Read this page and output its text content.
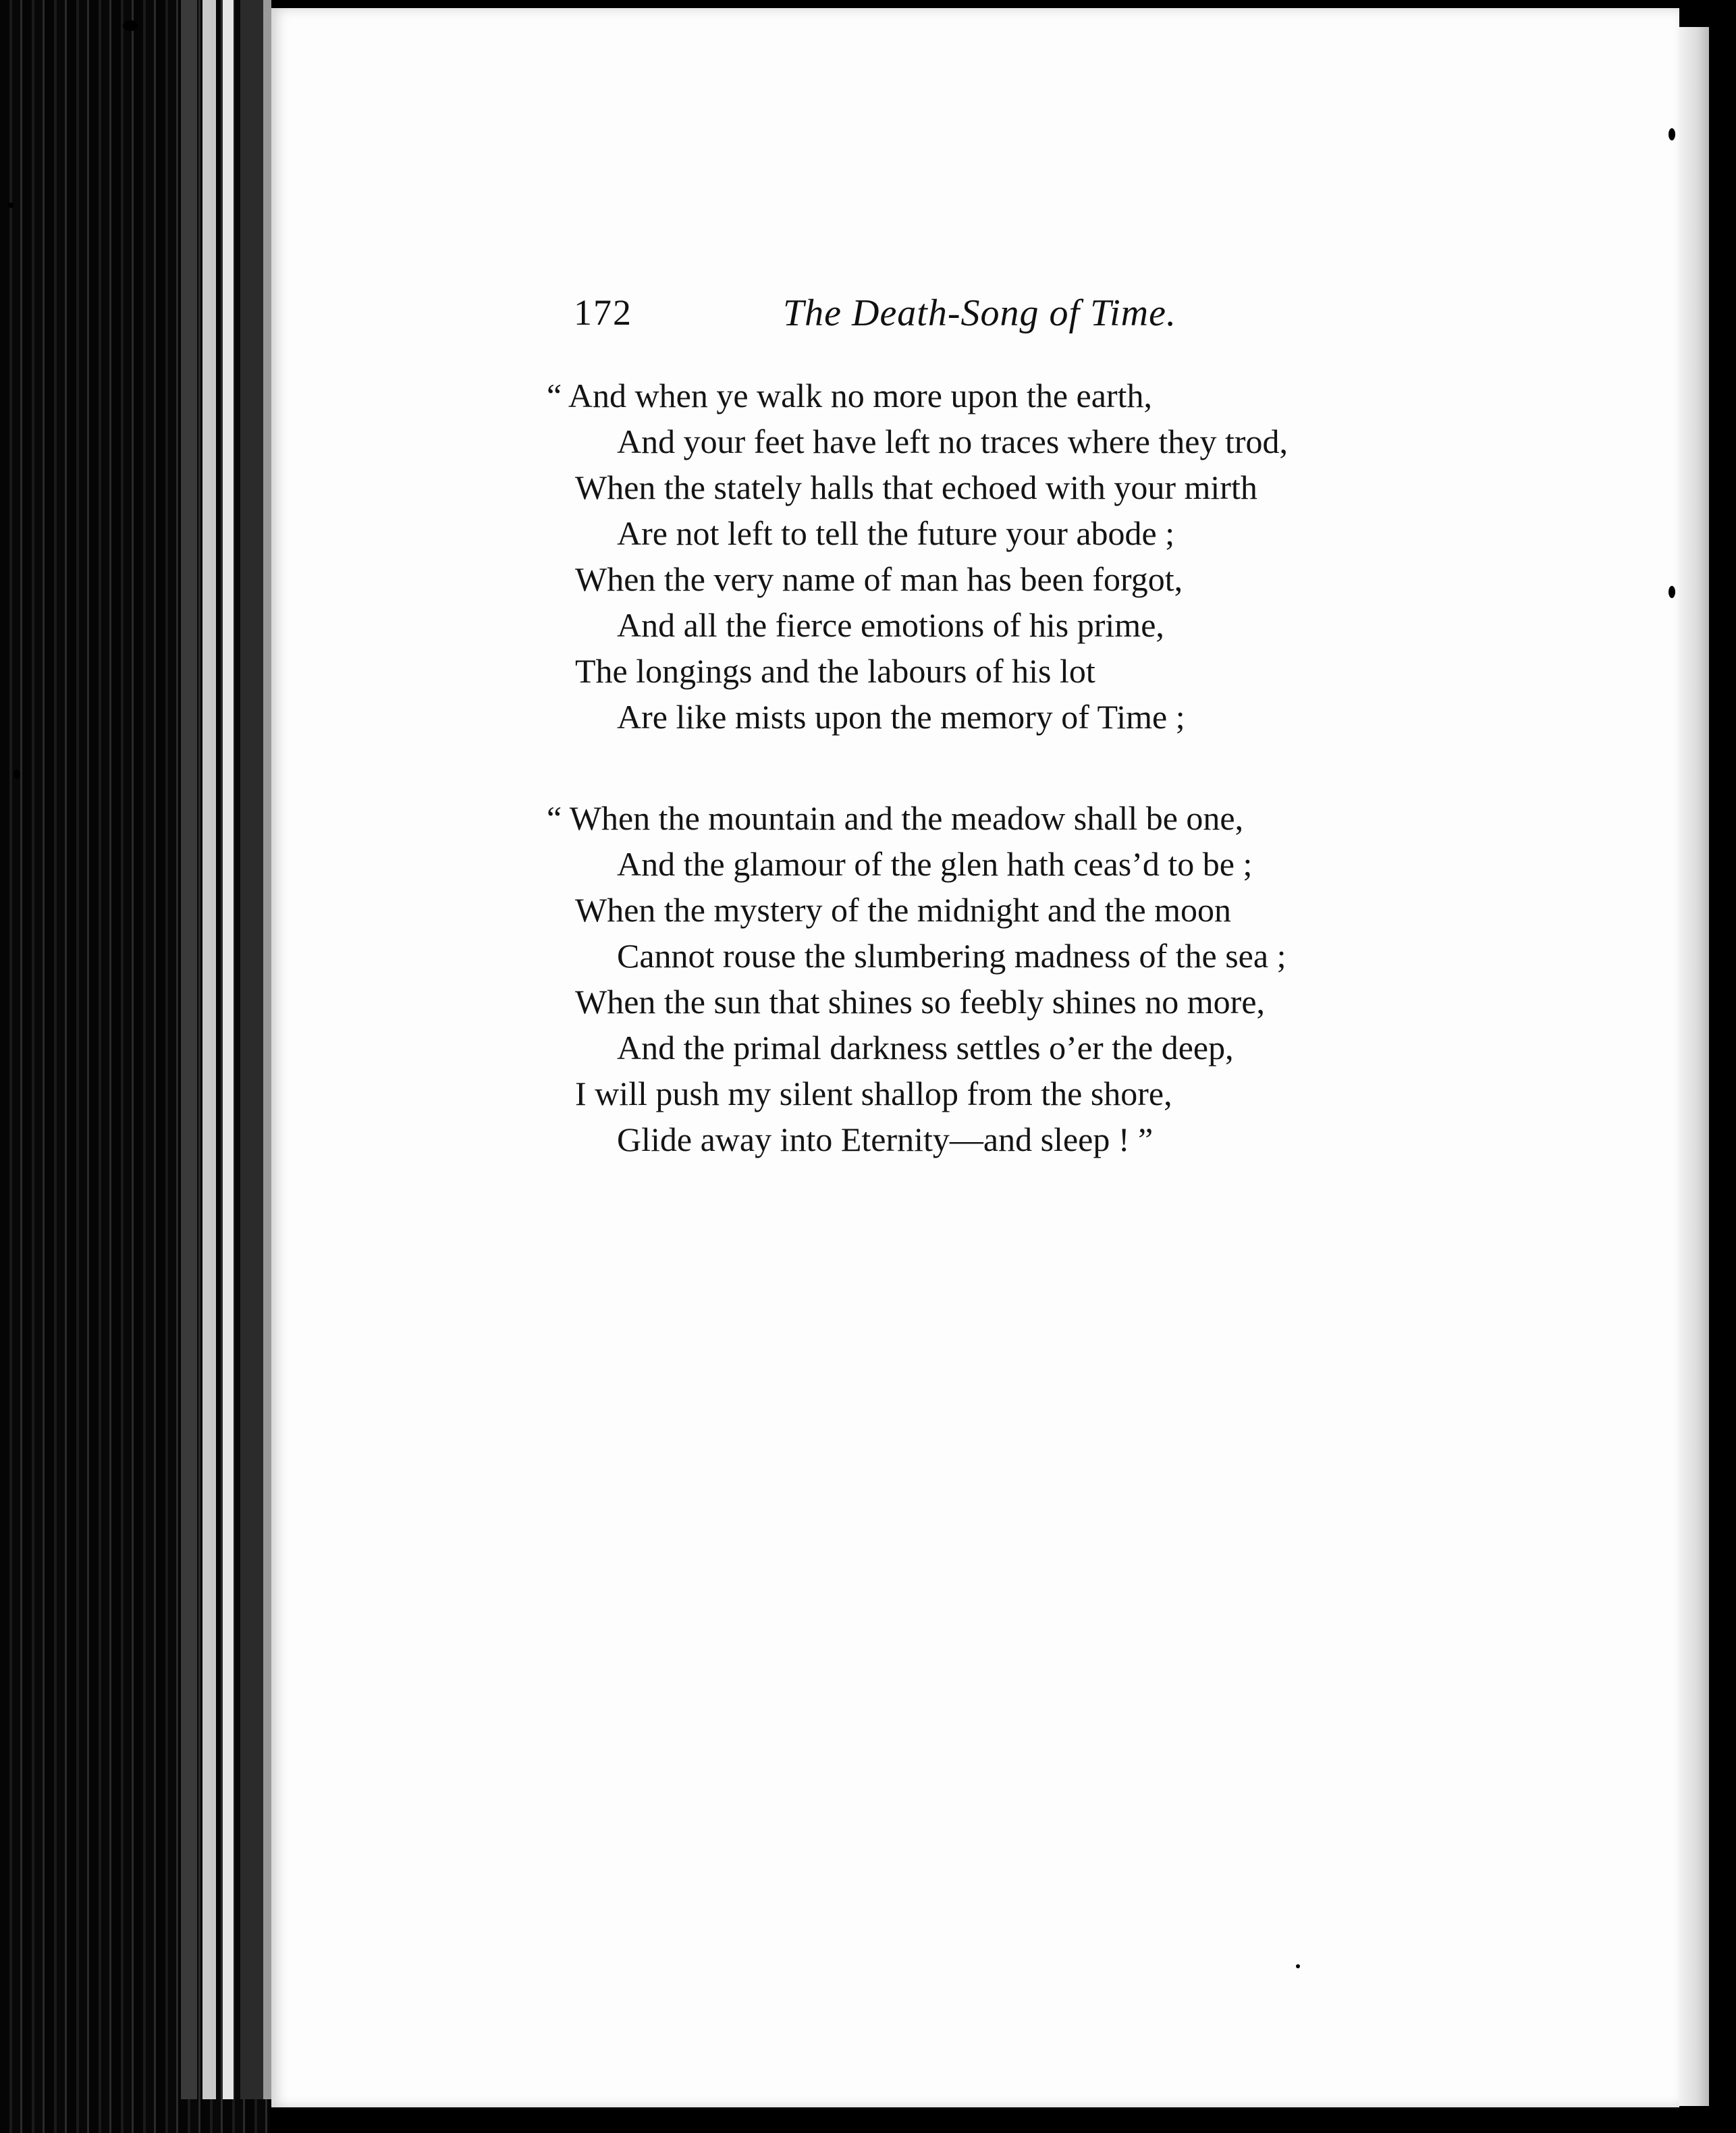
172	The Death-Song of Time.
“ And when ye walk no more upon the earth,
And your feet have left no traces where they trod,
When the stately halls that echoed with your mirth
Are not left to tell the future your abode ;
When the very name of man has been forgot,
And all the fierce emotions of his prime,
The longings and the labours of his lot
Are like mists upon the memory of Time ;
“ When the mountain and the meadow shall be one,
And the glamour of the glen hath ceas’d to be ;
When the mystery of the midnight and the moon
Cannot rouse the slumbering madness of the sea ;
When the sun that shines so feebly shines no more,
And the primal darkness settles o’er the deep,
I will push my silent shallop from the shore,
Glide away into Eternity—and sleep ! ”
